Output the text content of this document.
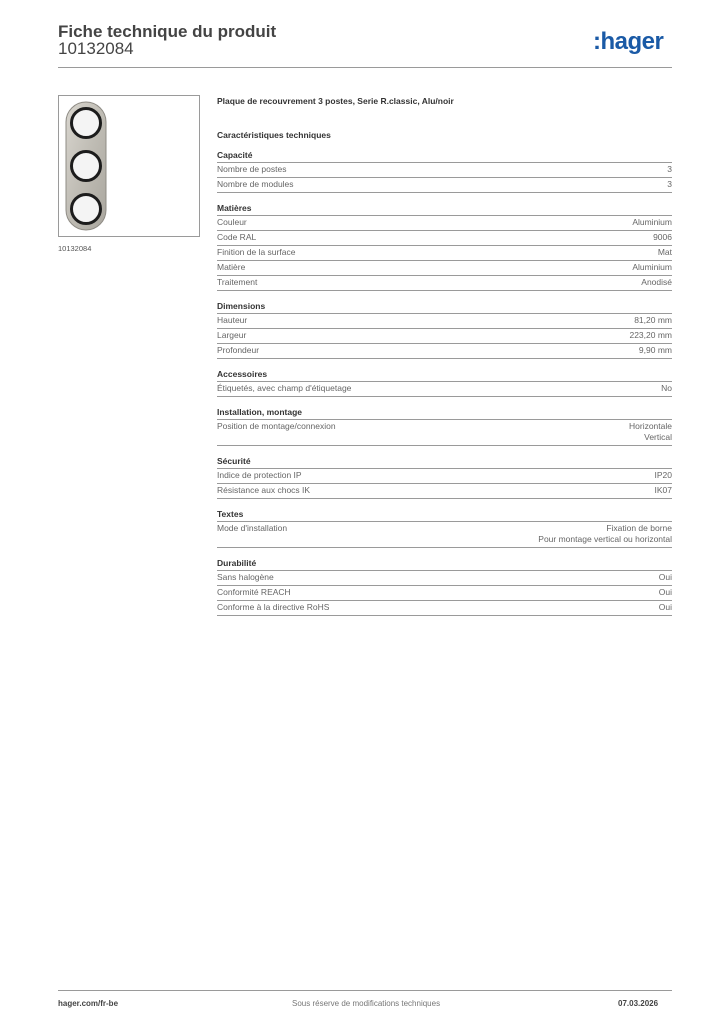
Fiche technique du produit
10132084	:hager
10132084
Plaque de recouvrement 3 postes, Serie R.classic, Alu/noir
Caractéristiques techniques
Capacité
Nombre de postes	3
Nombre de modules	3
Matières
Couleur	Aluminium
Code RAL	9006
Finition de la surface	Mat
Matière	Aluminium
Traitement	Anodisé
Dimensions
Hauteur	81,20 mm
Largeur	223,20 mm
Profondeur	9,90 mm
Accessoires
Étiquetés, avec champ d'étiquetage	No
Installation, montage
Position de montage/connexion	Horizontale
Vertical
Sécurité
Indice de protection IP	IP20
Résistance aux chocs IK	IK07
Textes
Mode d'installation	Fixation de borne
Pour montage vertical ou horizontal
Durabilité
Sans halogène	Oui
Conformité REACH	Oui
Conforme à la directive RoHS	Oui
hager.com/fr-be	Sous réserve de modifications techniques	07.03.2026
